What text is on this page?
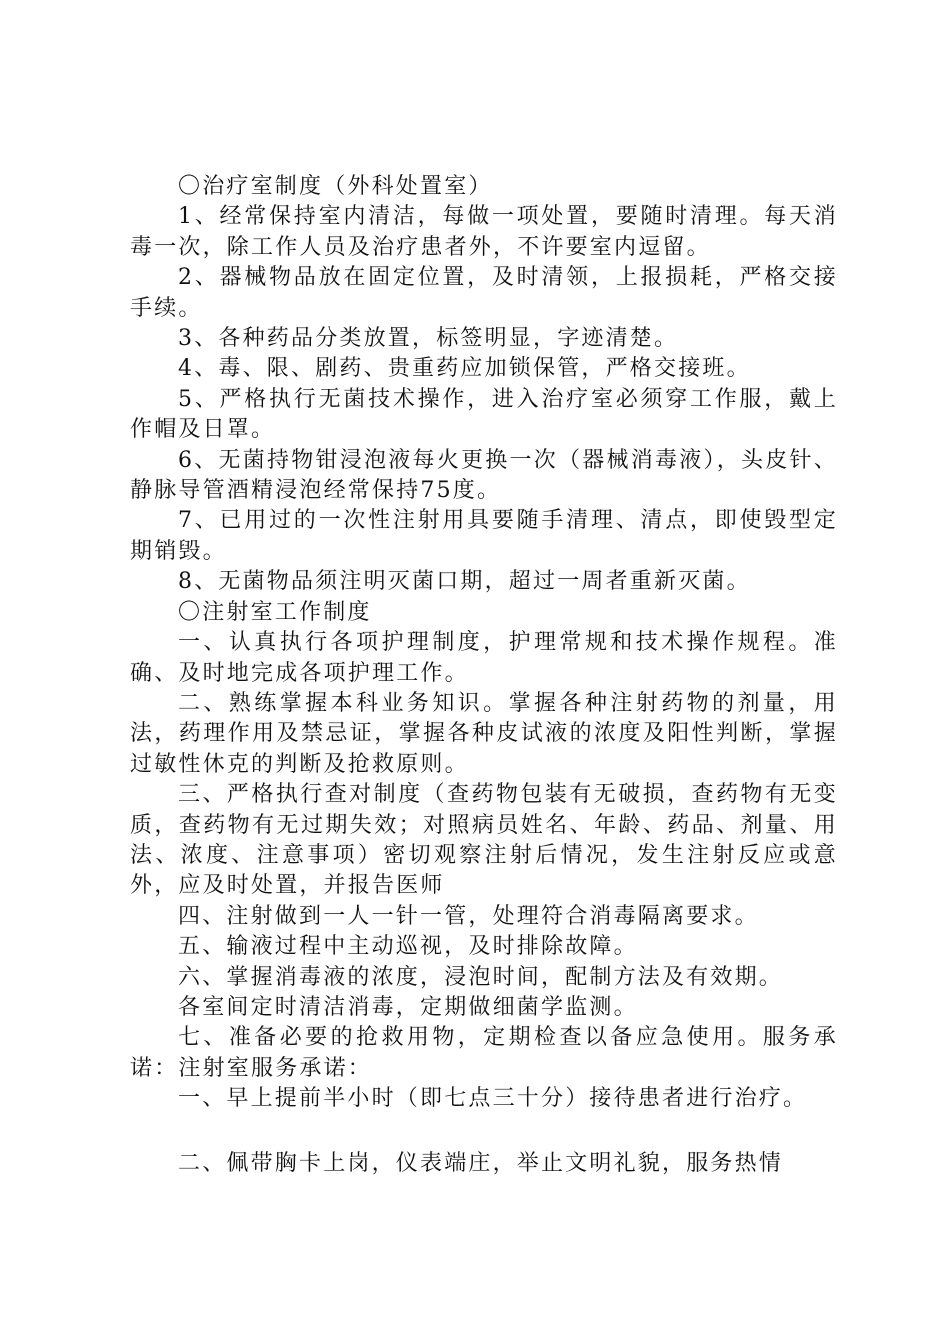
〇治疗室制度（外科处置室）

1、经常保持室内清洁，每做一项处置，要随时清理。每天消毒一次，除工作人员及治疗患者外，不许要室内逗留。

2、器械物品放在固定位置，及时清领，上报损耗，严格交接手续。

3、各种药品分类放置，标签明显，字迹清楚。

4、毒、限、剧药、贵重药应加锁保管，严格交接班。

5、严格执行无菌技术操作，进入治疗室必须穿工作服，戴上作帽及日罩。

6、无菌持物钳浸泡液每火更换一次（器械消毒液），头皮针、静脉导管酒精浸泡经常保持75度。

7、已用过的一次性注射用具要随手清理、清点，即使毁型定期销毁。

8、无菌物品须注明灭菌口期，超过一周者重新灭菌。

〇注射室工作制度

一、认真执行各项护理制度，护理常规和技术操作规程。准确、及时地完成各项护理工作。

二、熟练掌握本科业务知识。掌握各种注射药物的剂量，用法，药理作用及禁忌证，掌握各种皮试液的浓度及阳性判断，掌握过敏性休克的判断及抢救原则。

三、严格执行查对制度（查药物包装有无破损，查药物有无变质，查药物有无过期失效；对照病员姓名、年龄、药品、剂量、用法、浓度、注意事项）密切观察注射后情况，发生注射反应或意外，应及时处置，并报告医师

四、注射做到一人一针一管，处理符合消毒隔离要求。

五、输液过程中主动巡视，及时排除故障。

六、掌握消毒液的浓度，浸泡时间，配制方法及有效期。

各室间定时清洁消毒，定期做细菌学监测。

七、准备必要的抢救用物，定期检查以备应急使用。服务承诺：注射室服务承诺：

一、早上提前半小时（即七点三十分）接待患者进行治疗。

二、佩带胸卡上岗，仪表端庄，举止文明礼貌，服务热情
